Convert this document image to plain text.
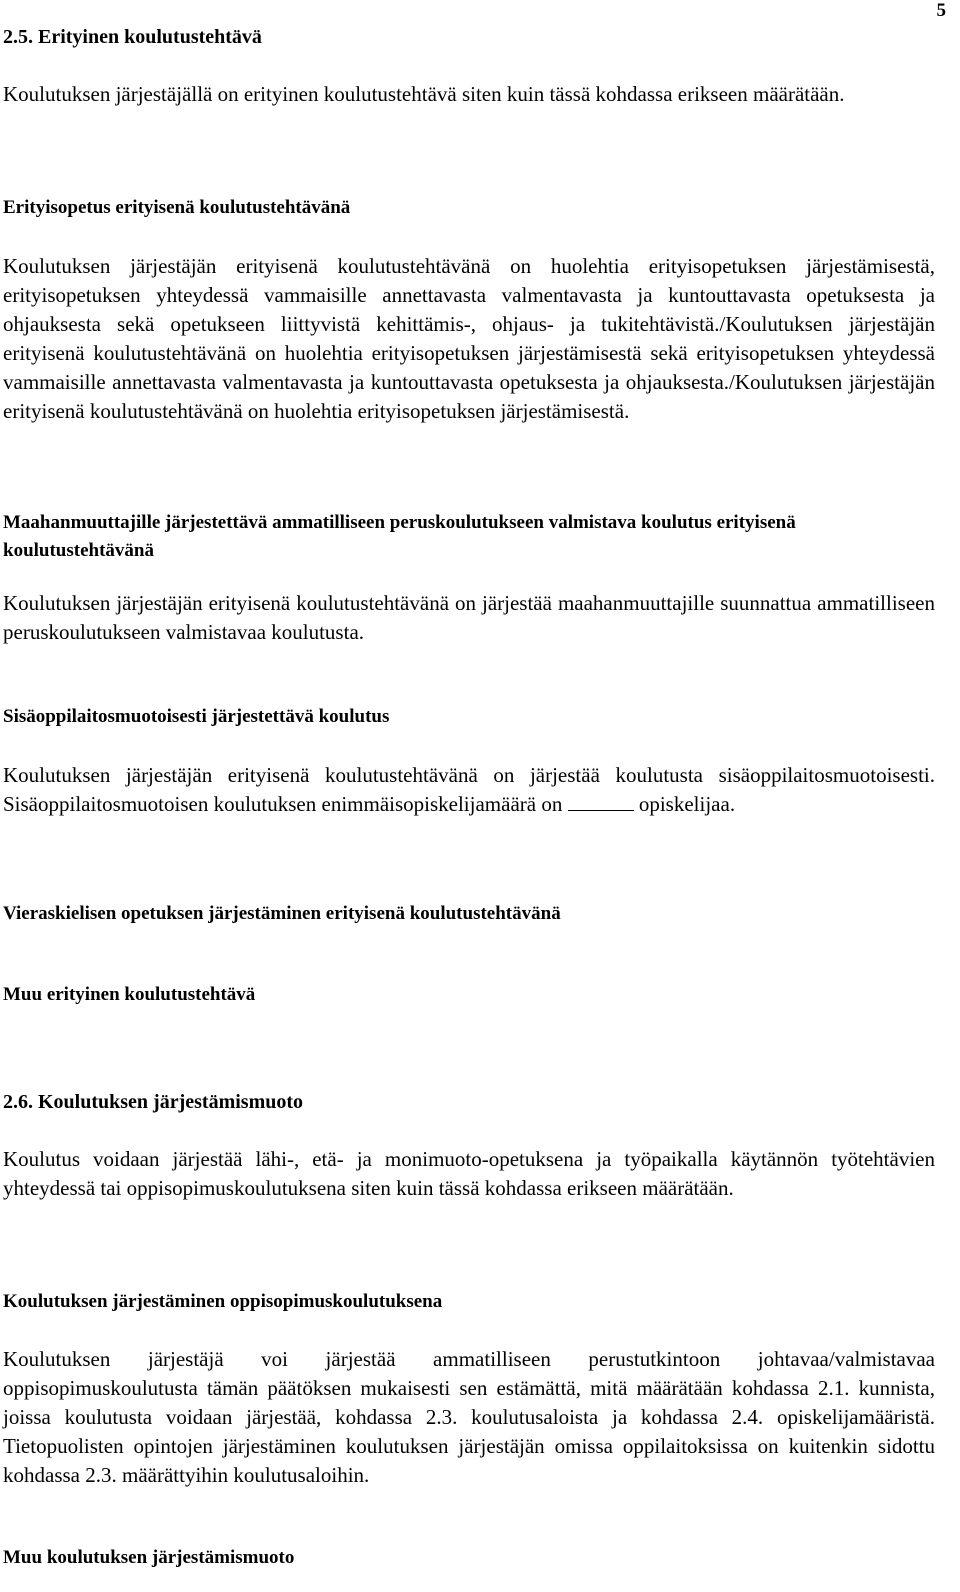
5
2.5. Erityinen koulutustehtävä

Koulutuksen järjestäjällä on erityinen koulutustehtävä siten kuin tässä kohdassa erikseen määrätään.

Erityisopetus erityisenä koulutustehtävänä

Koulutuksen järjestäjän erityisenä koulutustehtävänä on huolehtia erityisopetuksen järjestämisestä, erityisopetuksen yhteydessä vammaisille annettavasta valmentavasta ja kuntouttavasta opetuksesta ja ohjauksesta sekä opetukseen liittyvistä kehittämis-, ohjaus- ja tukitehtävistä./Koulutuksen järjestäjän erityisenä koulutustehtävänä on huolehtia erityisopetuksen järjestämisestä sekä erityisopetuksen yhteydessä vammaisille annettavasta valmentavasta ja kuntouttavasta opetuksesta ja ohjauksesta./Koulutuksen järjestäjän erityisenä koulutustehtävänä on huolehtia erityisopetuksen järjestämisestä.

Maahanmuuttajille järjestettävä ammatilliseen peruskoulutukseen valmistava koulutus erityisenä koulutustehtävänä

Koulutuksen järjestäjän erityisenä koulutustehtävänä on järjestää maahanmuuttajille suunnattua ammatilliseen peruskoulutukseen valmistavaa koulutusta.

Sisäoppilaitosmuotoisesti järjestettävä koulutus

Koulutuksen järjestäjän erityisenä koulutustehtävänä on järjestää koulutusta sisäoppilaitosmuotoisesti. Sisäoppilaitosmuotoisen koulutuksen enimmäisopiskelijamäärä on	opiskelijaa.

Vieraskielisen opetuksen järjestäminen erityisenä koulutustehtävänä
Muu erityinen koulutustehtävä
2.6. Koulutuksen järjestämismuoto

Koulutus voidaan järjestää lähi-, etä- ja monimuoto-opetuksena ja työpaikalla käytännön työtehtävien yhteydessä tai oppisopimuskoulutuksena siten kuin tässä kohdassa erikseen määrätään.

Koulutuksen järjestäminen oppisopimuskoulutuksena

Koulutuksen järjestäjä voi järjestää ammatilliseen perustutkintoon johtavaa/valmistavaa oppisopimuskoulutusta tämän päätöksen mukaisesti sen estämättä, mitä määrätään kohdassa 2.1. kunnista, joissa koulutusta voidaan järjestää, kohdassa 2.3. koulutusaloista ja kohdassa 2.4. opiskelijamääristä. Tietopuolisten opintojen järjestäminen koulutuksen järjestäjän omissa oppilaitoksissa on kuitenkin sidottu kohdassa 2.3. määrättyihin koulutusaloihin.

Muu koulutuksen järjestämismuoto
